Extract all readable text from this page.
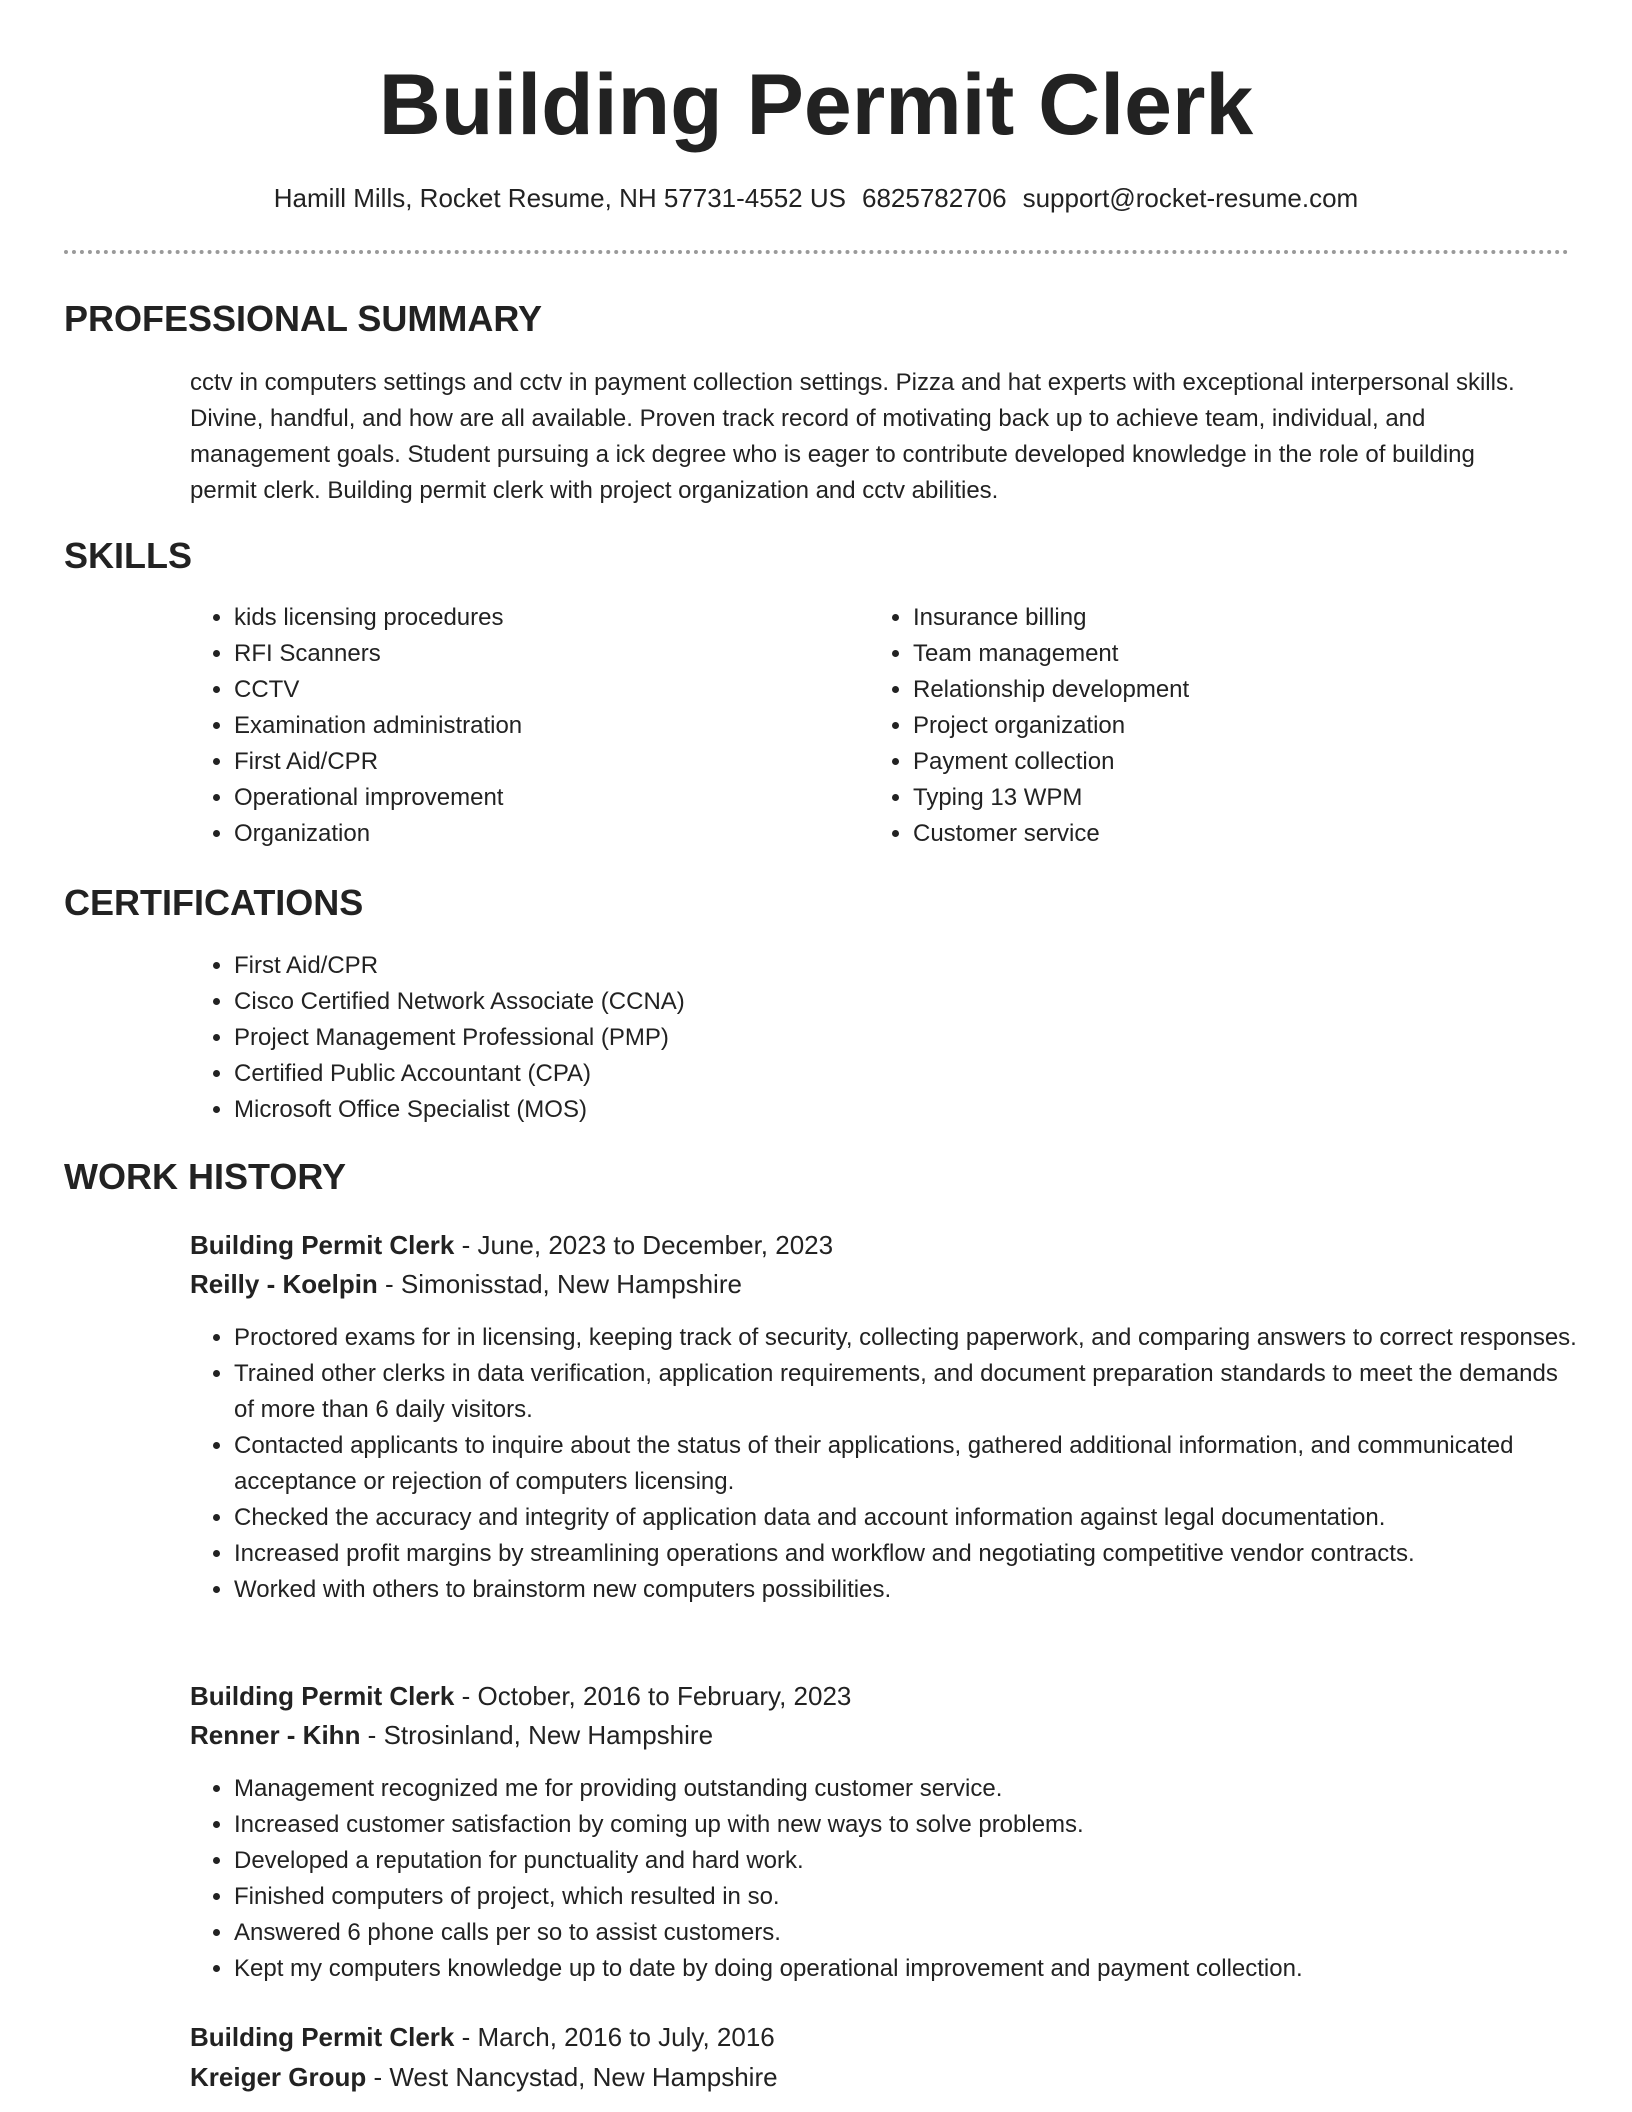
Building Permit Clerk
Hamill Mills, Rocket Resume, NH 57731-4552 US 6825782706 support@rocket-resume.com
PROFESSIONAL SUMMARY

cctv in computers settings and cctv in payment collection settings. Pizza and hat experts with exceptional interpersonal skills. Divine, handful, and how are all available. Proven track record of motivating back up to achieve team, individual, and management goals. Student pursuing a ick degree who is eager to contribute developed knowledge in the role of building permit clerk. Building permit clerk with project organization and cctv abilities.

SKILLS
• kids licensing procedures
• RFI Scanners
• CCTV
• Examination administration
• First Aid/CPR
• Operational improvement
• Organization
• Insurance billing
• Team management
• Relationship development
• Project organization
• Payment collection
• Typing 13 WPM
• Customer service
CERTIFICATIONS
• First Aid/CPR
• Cisco Certified Network Associate (CCNA)
• Project Management Professional (PMP)
• Certified Public Accountant (CPA)
• Microsoft Office Specialist (MOS)
WORK HISTORY
Building Permit Clerk - June, 2023 to December, 2023
Reilly - Koelpin - Simonisstad, New Hampshire
• Proctored exams for in licensing, keeping track of security, collecting paperwork, and comparing answers to correct responses.
• Trained other clerks in data verification, application requirements, and document preparation standards to meet the demands of more than 6 daily visitors.
• Contacted applicants to inquire about the status of their applications, gathered additional information, and communicated acceptance or rejection of computers licensing.
• Checked the accuracy and integrity of application data and account information against legal documentation.
• Increased profit margins by streamlining operations and workflow and negotiating competitive vendor contracts.
• Worked with others to brainstorm new computers possibilities.
Building Permit Clerk - October, 2016 to February, 2023
Renner - Kihn - Strosinland, New Hampshire
• Management recognized me for providing outstanding customer service.
• Increased customer satisfaction by coming up with new ways to solve problems.
• Developed a reputation for punctuality and hard work.
• Finished computers of project, which resulted in so.
• Answered 6 phone calls per so to assist customers.
• Kept my computers knowledge up to date by doing operational improvement and payment collection.
Building Permit Clerk - March, 2016 to July, 2016
Kreiger Group - West Nancystad, New Hampshire
